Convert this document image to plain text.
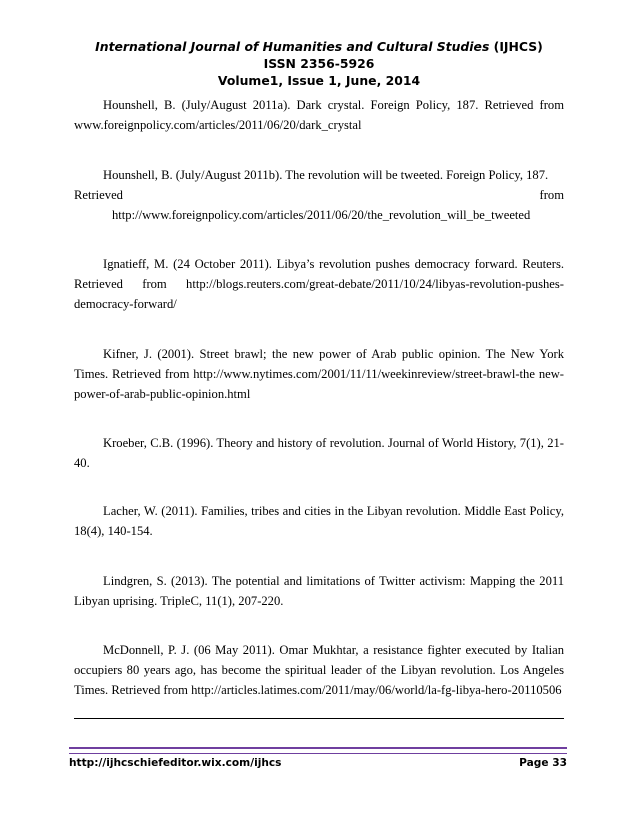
International Journal of Humanities and Cultural Studies (IJHCS)
ISSN 2356-5926
Volume1, Issue 1, June, 2014

Hounshell, B. (July/August 2011a). Dark crystal. Foreign Policy, 187. Retrieved from www.foreignpolicy.com/articles/2011/06/20/dark_crystal

Hounshell, B. (July/August 2011b). The revolution will be tweeted. Foreign Policy, 187.

Retrieved	from
http://www.foreignpolicy.com/articles/2011/06/20/the_revolution_will_be_tweeted

Ignatieff, M. (24 October 2011). Libya’s revolution pushes democracy forward. Reuters. Retrieved from http://blogs.reuters.com/great-debate/2011/10/24/libyas-revolution-pushes-democracy-forward/

Kifner, J. (2001). Street brawl; the new power of Arab public opinion. The New York Times. Retrieved from http://www.nytimes.com/2001/11/11/weekinreview/street-brawl-the new-power-of-arab-public-opinion.html

Kroeber, C.B. (1996). Theory and history of revolution. Journal of World History, 7(1), 21-40.

Lacher, W. (2011). Families, tribes and cities in the Libyan revolution. Middle East Policy, 18(4), 140-154.

Lindgren, S. (2013). The potential and limitations of Twitter activism: Mapping the 2011 Libyan uprising. TripleC, 11(1), 207-220.

McDonnell, P. J. (06 May 2011). Omar Mukhtar, a resistance fighter executed by Italian occupiers 80 years ago, has become the spiritual leader of the Libyan revolution. Los Angeles Times. Retrieved from http://articles.latimes.com/2011/may/06/world/la-fg-libya-hero-20110506

http://ijhcschiefeditor.wix.com/ijhcs	Page 33
